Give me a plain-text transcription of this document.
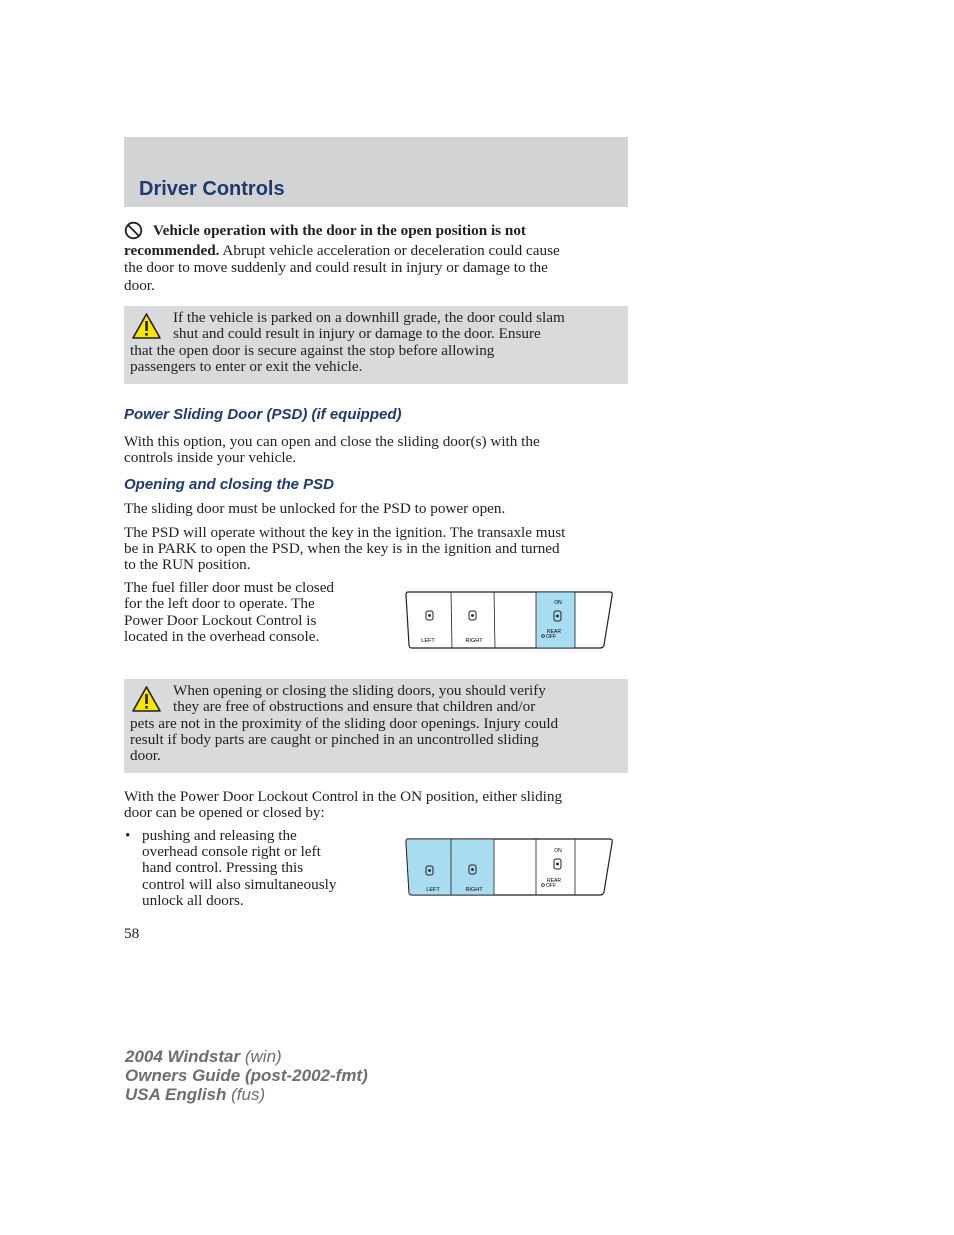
Driver Controls
Vehicle operation with the door in the open position is not
recommended. Abrupt vehicle acceleration or deceleration could cause
the door to move suddenly and could result in injury or damage to the
door.
If the vehicle is parked on a downhill grade, the door could slam
shut and could result in injury or damage to the door. Ensure
that the open door is secure against the stop before allowing
passengers to enter or exit the vehicle.
Power Sliding Door (PSD) (if equipped)
With this option, you can open and close the sliding door(s) with the
controls inside your vehicle.
Opening and closing the PSD
The sliding door must be unlocked for the PSD to power open.
The PSD will operate without the key in the ignition. The transaxle must
be in PARK to open the PSD, when the key is in the ignition and turned
to the RUN position.
The fuel filler door must be closed
for the left door to operate. The
Power Door Lockout Control is
located in the overhead console.	LEFT	RIGHT
ON
REAR
OFF
When opening or closing the sliding doors, you should verify
they are free of obstructions and ensure that children and/or
pets are not in the proximity of the sliding door openings. Injury could
result if body parts are caught or pinched in an uncontrolled sliding
door.
With the Power Door Lockout Control in the ON position, either sliding
door can be opened or closed by:
• pushing and releasing the
overhead console right or left
hand control. Pressing this
control will also simultaneously
unlock all doors.
LEFT	RIGHT
ON
REAR
OFF
58
2004 Windstar (win)
Owners Guide (post-2002-fmt)
USA English (fus)
